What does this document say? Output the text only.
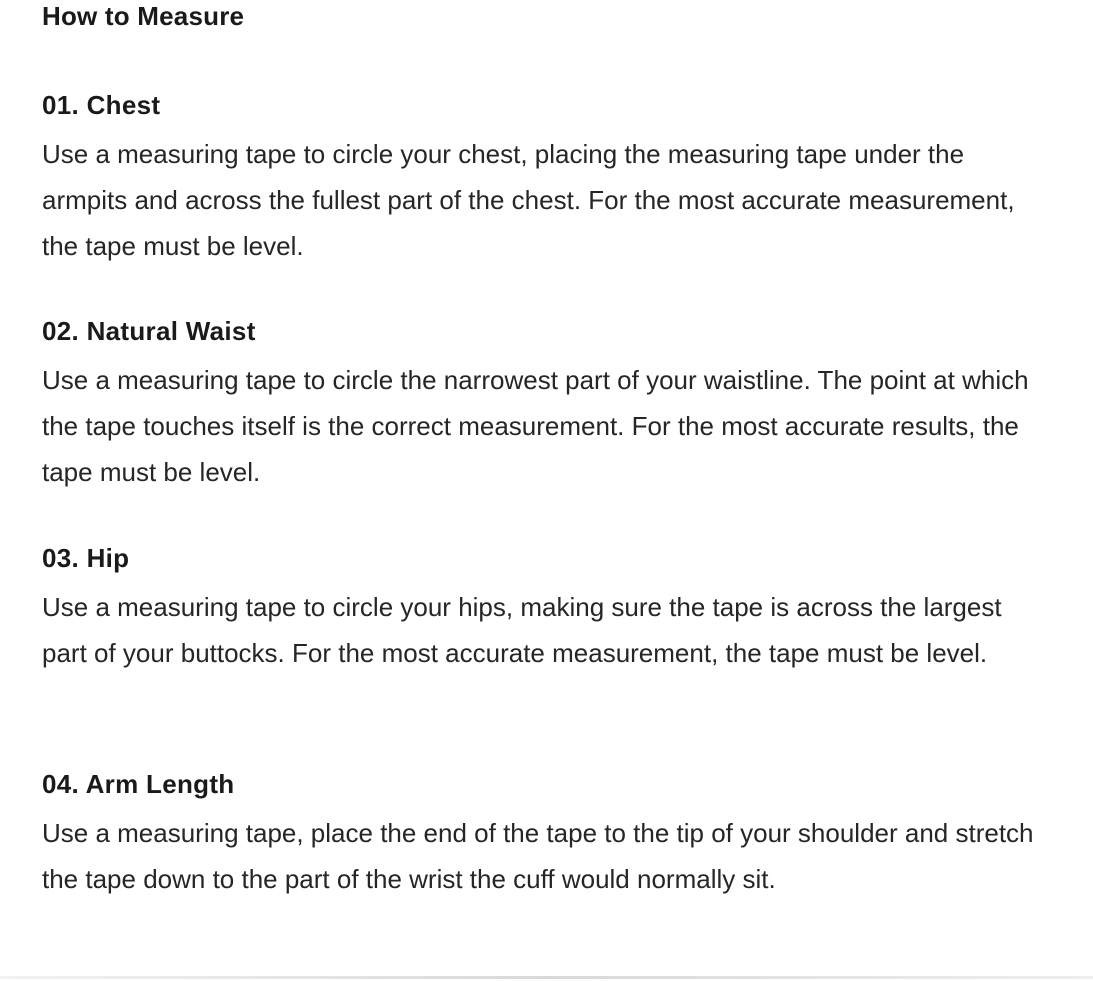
How to Measure
01. Chest

Use a measuring tape to circle your chest, placing the measuring tape under the armpits and across the fullest part of the chest. For the most accurate measurement, the tape must be level.

02. Natural Waist

Use a measuring tape to circle the narrowest part of your waistline. The point at which the tape touches itself is the correct measurement. For the most accurate results, the tape must be level.

03. Hip

Use a measuring tape to circle your hips, making sure the tape is across the largest part of your buttocks. For the most accurate measurement, the tape must be level.

04. Arm Length

Use a measuring tape, place the end of the tape to the tip of your shoulder and stretch the tape down to the part of the wrist the cuff would normally sit.
